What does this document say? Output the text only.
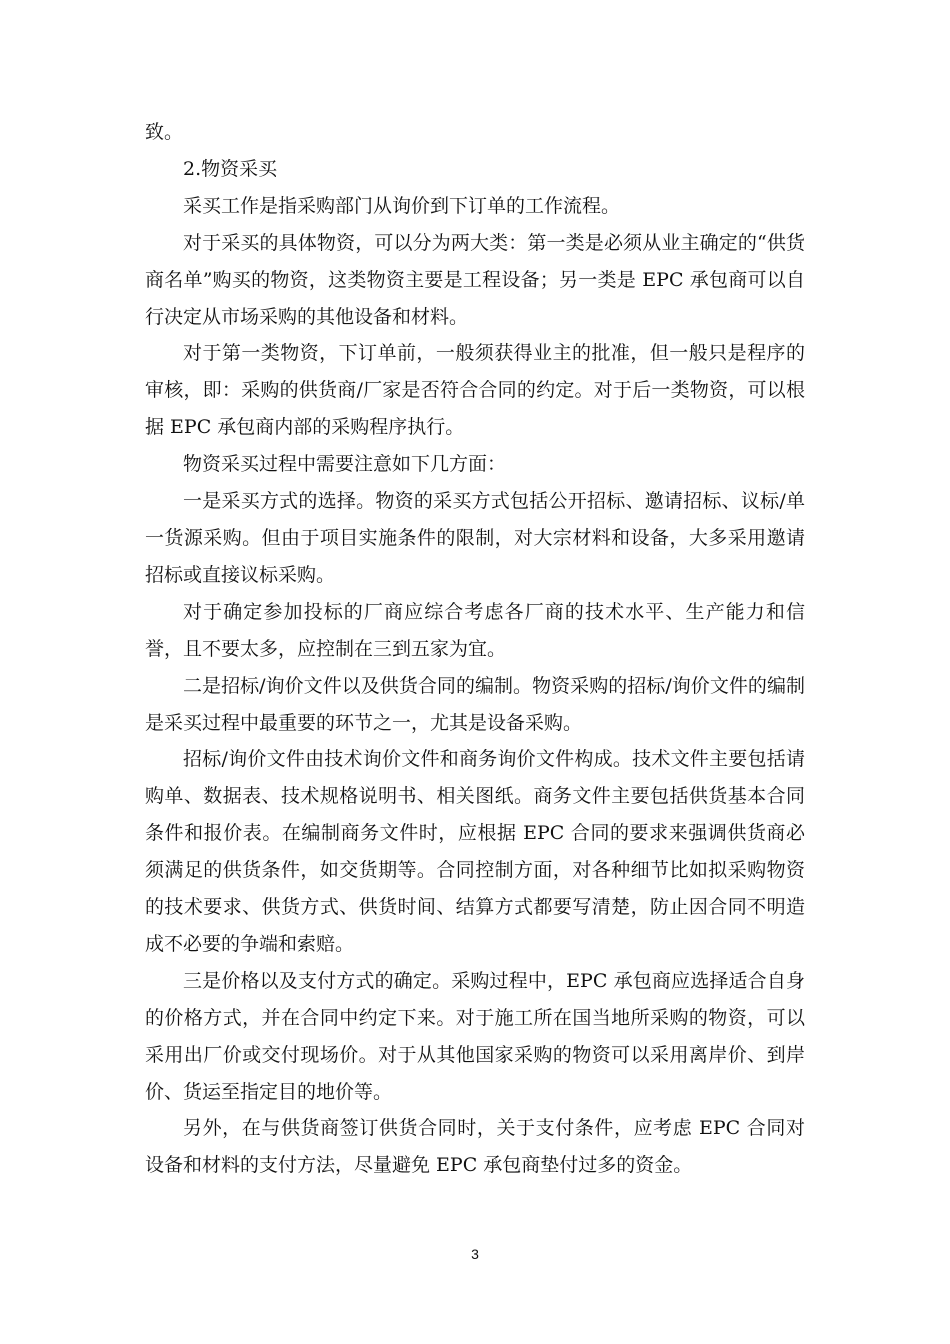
致。

2.物资采买

采买工作是指采购部门从询价到下订单的工作流程。

对于采买的具体物资，可以分为两大类：第一类是必须从业主确定的“供货商名单”购买的物资，这类物资主要是工程设备；另一类是 EPC 承包商可以自行决定从市场采购的其他设备和材料。

对于第一类物资，下订单前，一般须获得业主的批准，但一般只是程序的审核，即：采购的供货商/厂家是否符合合同的约定。对于后一类物资，可以根据 EPC 承包商内部的采购程序执行。

物资采买过程中需要注意如下几方面：

一是采买方式的选择。物资的采买方式包括公开招标、邀请招标、议标/单一货源采购。但由于项目实施条件的限制，对大宗材料和设备，大多采用邀请招标或直接议标采购。

对于确定参加投标的厂商应综合考虑各厂商的技术水平、生产能力和信誉，且不要太多，应控制在三到五家为宜。

二是招标/询价文件以及供货合同的编制。物资采购的招标/询价文件的编制是采买过程中最重要的环节之一，尤其是设备采购。

招标/询价文件由技术询价文件和商务询价文件构成。技术文件主要包括请购单、数据表、技术规格说明书、相关图纸。商务文件主要包括供货基本合同条件和报价表。在编制商务文件时，应根据 EPC 合同的要求来强调供货商必须满足的供货条件，如交货期等。合同控制方面，对各种细节比如拟采购物资的技术要求、供货方式、供货时间、结算方式都要写清楚，防止因合同不明造成不必要的争端和索赔。

三是价格以及支付方式的确定。采购过程中，EPC 承包商应选择适合自身的价格方式，并在合同中约定下来。对于施工所在国当地所采购的物资，可以采用出厂价或交付现场价。对于从其他国家采购的物资可以采用离岸价、到岸价、货运至指定目的地价等。

另外，在与供货商签订供货合同时，关于支付条件，应考虑 EPC 合同对设备和材料的支付方法，尽量避免 EPC 承包商垫付过多的资金。

3
